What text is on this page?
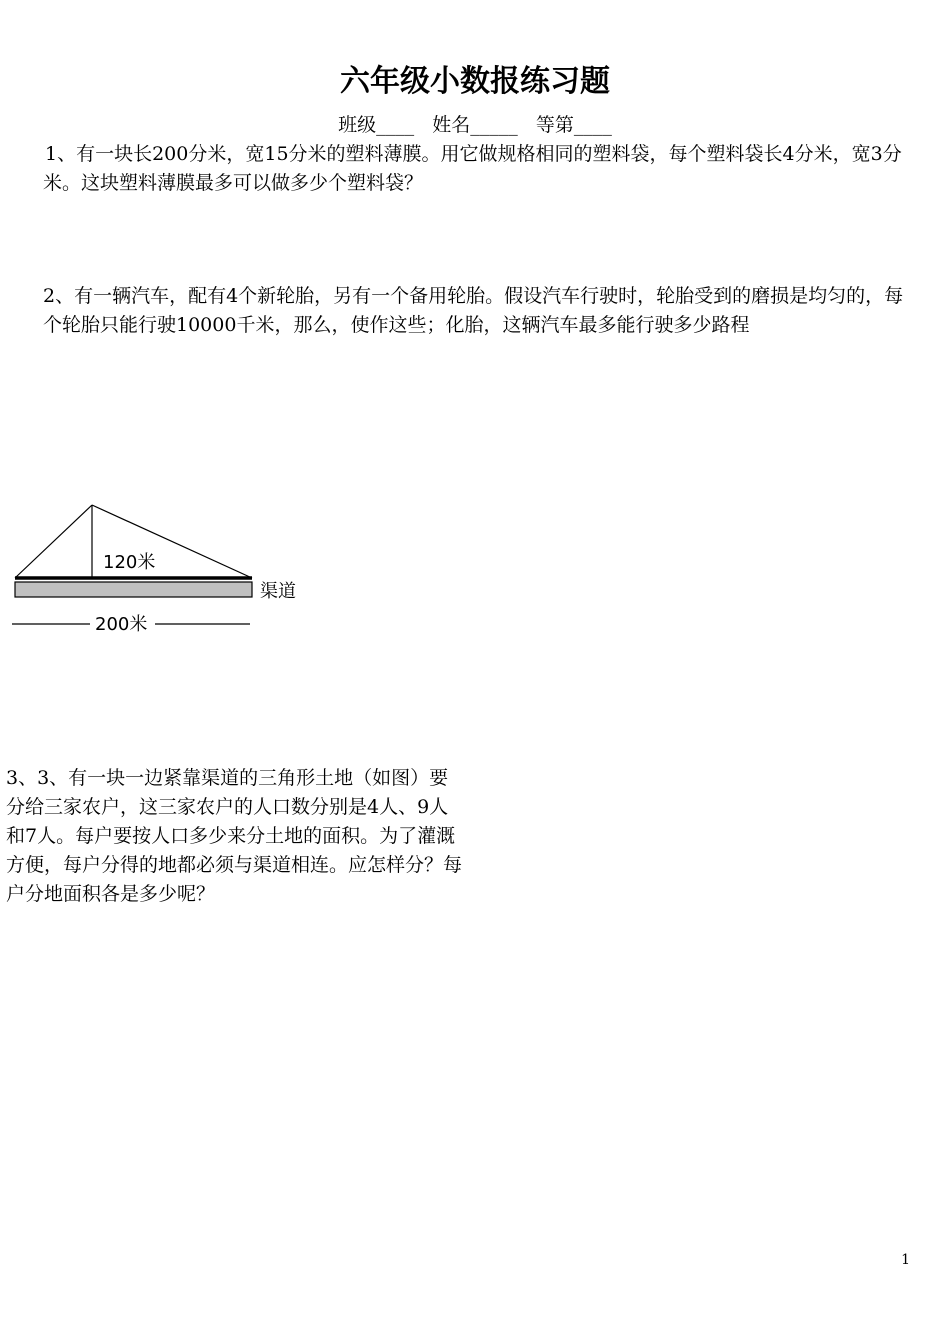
六年级小数报练习题
班级____   姓名_____   等第____
1、有一块长200分米，宽15分米的塑料薄膜。用它做规格相同的塑料袋，每个塑料袋长4分米，宽3分米。这块塑料薄膜最多可以做多少个塑料袋？
2、有一辆汽车，配有4个新轮胎，另有一个备用轮胎。假设汽车行驶时，轮胎受到的磨损是均匀的，每个轮胎只能行驶10000千米，那么，使作这些；化胎，这辆汽车最多能行驶多少路程
120米
渠道
200米
3、3、有一块一边紧靠渠道的三角形土地（如图）要分给三家农户，这三家农户的人口数分别是4人、9人和7人。每户要按人口多少来分土地的面积。为了灌溉方便，每户分得的地都必须与渠道相连。应怎样分？每户分地面积各是多少呢？
1
